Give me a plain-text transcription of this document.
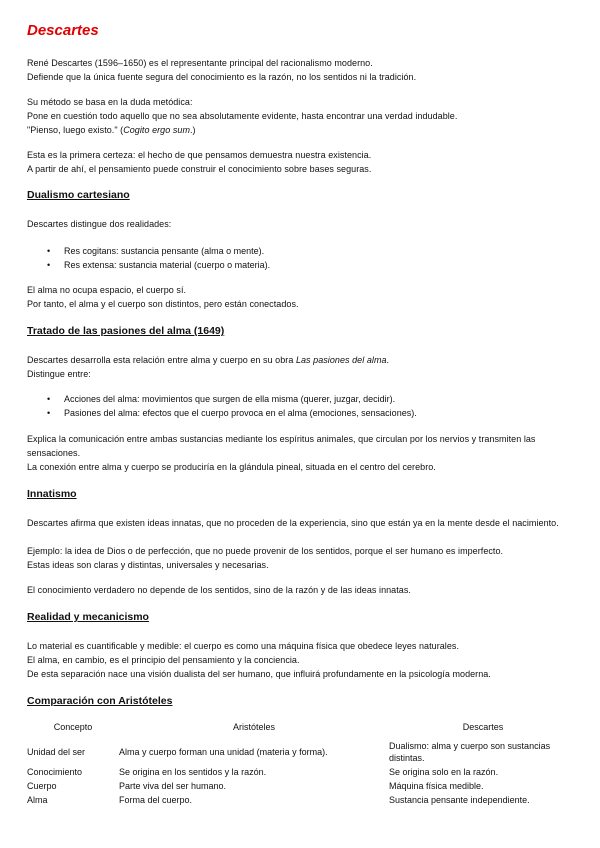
Descartes
René Descartes (1596–1650) es el representante principal del racionalismo moderno.
Defiende que la única fuente segura del conocimiento es la razón, no los sentidos ni la tradición.
Su método se basa en la duda metódica:
Pone en cuestión todo aquello que no sea absolutamente evidente, hasta encontrar una verdad indudable.
"Pienso, luego existo." (Cogito ergo sum.)
Esta es la primera certeza: el hecho de que pensamos demuestra nuestra existencia.
A partir de ahí, el pensamiento puede construir el conocimiento sobre bases seguras.
Dualismo cartesiano
Descartes distingue dos realidades:
• Res cogitans: sustancia pensante (alma o mente).
• Res extensa: sustancia material (cuerpo o materia).
El alma no ocupa espacio, el cuerpo sí.
Por tanto, el alma y el cuerpo son distintos, pero están conectados.
Tratado de las pasiones del alma (1649)
Descartes desarrolla esta relación entre alma y cuerpo en su obra Las pasiones del alma.
Distingue entre:
• Acciones del alma: movimientos que surgen de ella misma (querer, juzgar, decidir).
• Pasiones del alma: efectos que el cuerpo provoca en el alma (emociones, sensaciones).
Explica la comunicación entre ambas sustancias mediante los espíritus animales, que circulan por los nervios y transmiten las sensaciones.
La conexión entre alma y cuerpo se produciría en la glándula pineal, situada en el centro del cerebro.
Innatismo
Descartes afirma que existen ideas innatas, que no proceden de la experiencia, sino que están ya en la mente desde el nacimiento.
Ejemplo: la idea de Dios o de perfección, que no puede provenir de los sentidos, porque el ser humano es imperfecto.
Estas ideas son claras y distintas, universales y necesarias.
El conocimiento verdadero no depende de los sentidos, sino de la razón y de las ideas innatas.
Realidad y mecanicismo
Lo material es cuantificable y medible: el cuerpo es como una máquina física que obedece leyes naturales.
El alma, en cambio, es el principio del pensamiento y la conciencia.
De esta separación nace una visión dualista del ser humano, que influirá profundamente en la psicología moderna.
Comparación con Aristóteles
Concepto	Aristóteles	Descartes
Unidad del ser	Alma y cuerpo forman una unidad (materia y forma).	Dualismo: alma y cuerpo son sustancias distintas.
Conocimiento	Se origina en los sentidos y la razón.	Se origina solo en la razón.
Cuerpo	Parte viva del ser humano.	Máquina física medible.
Alma	Forma del cuerpo.	Sustancia pensante independiente.
